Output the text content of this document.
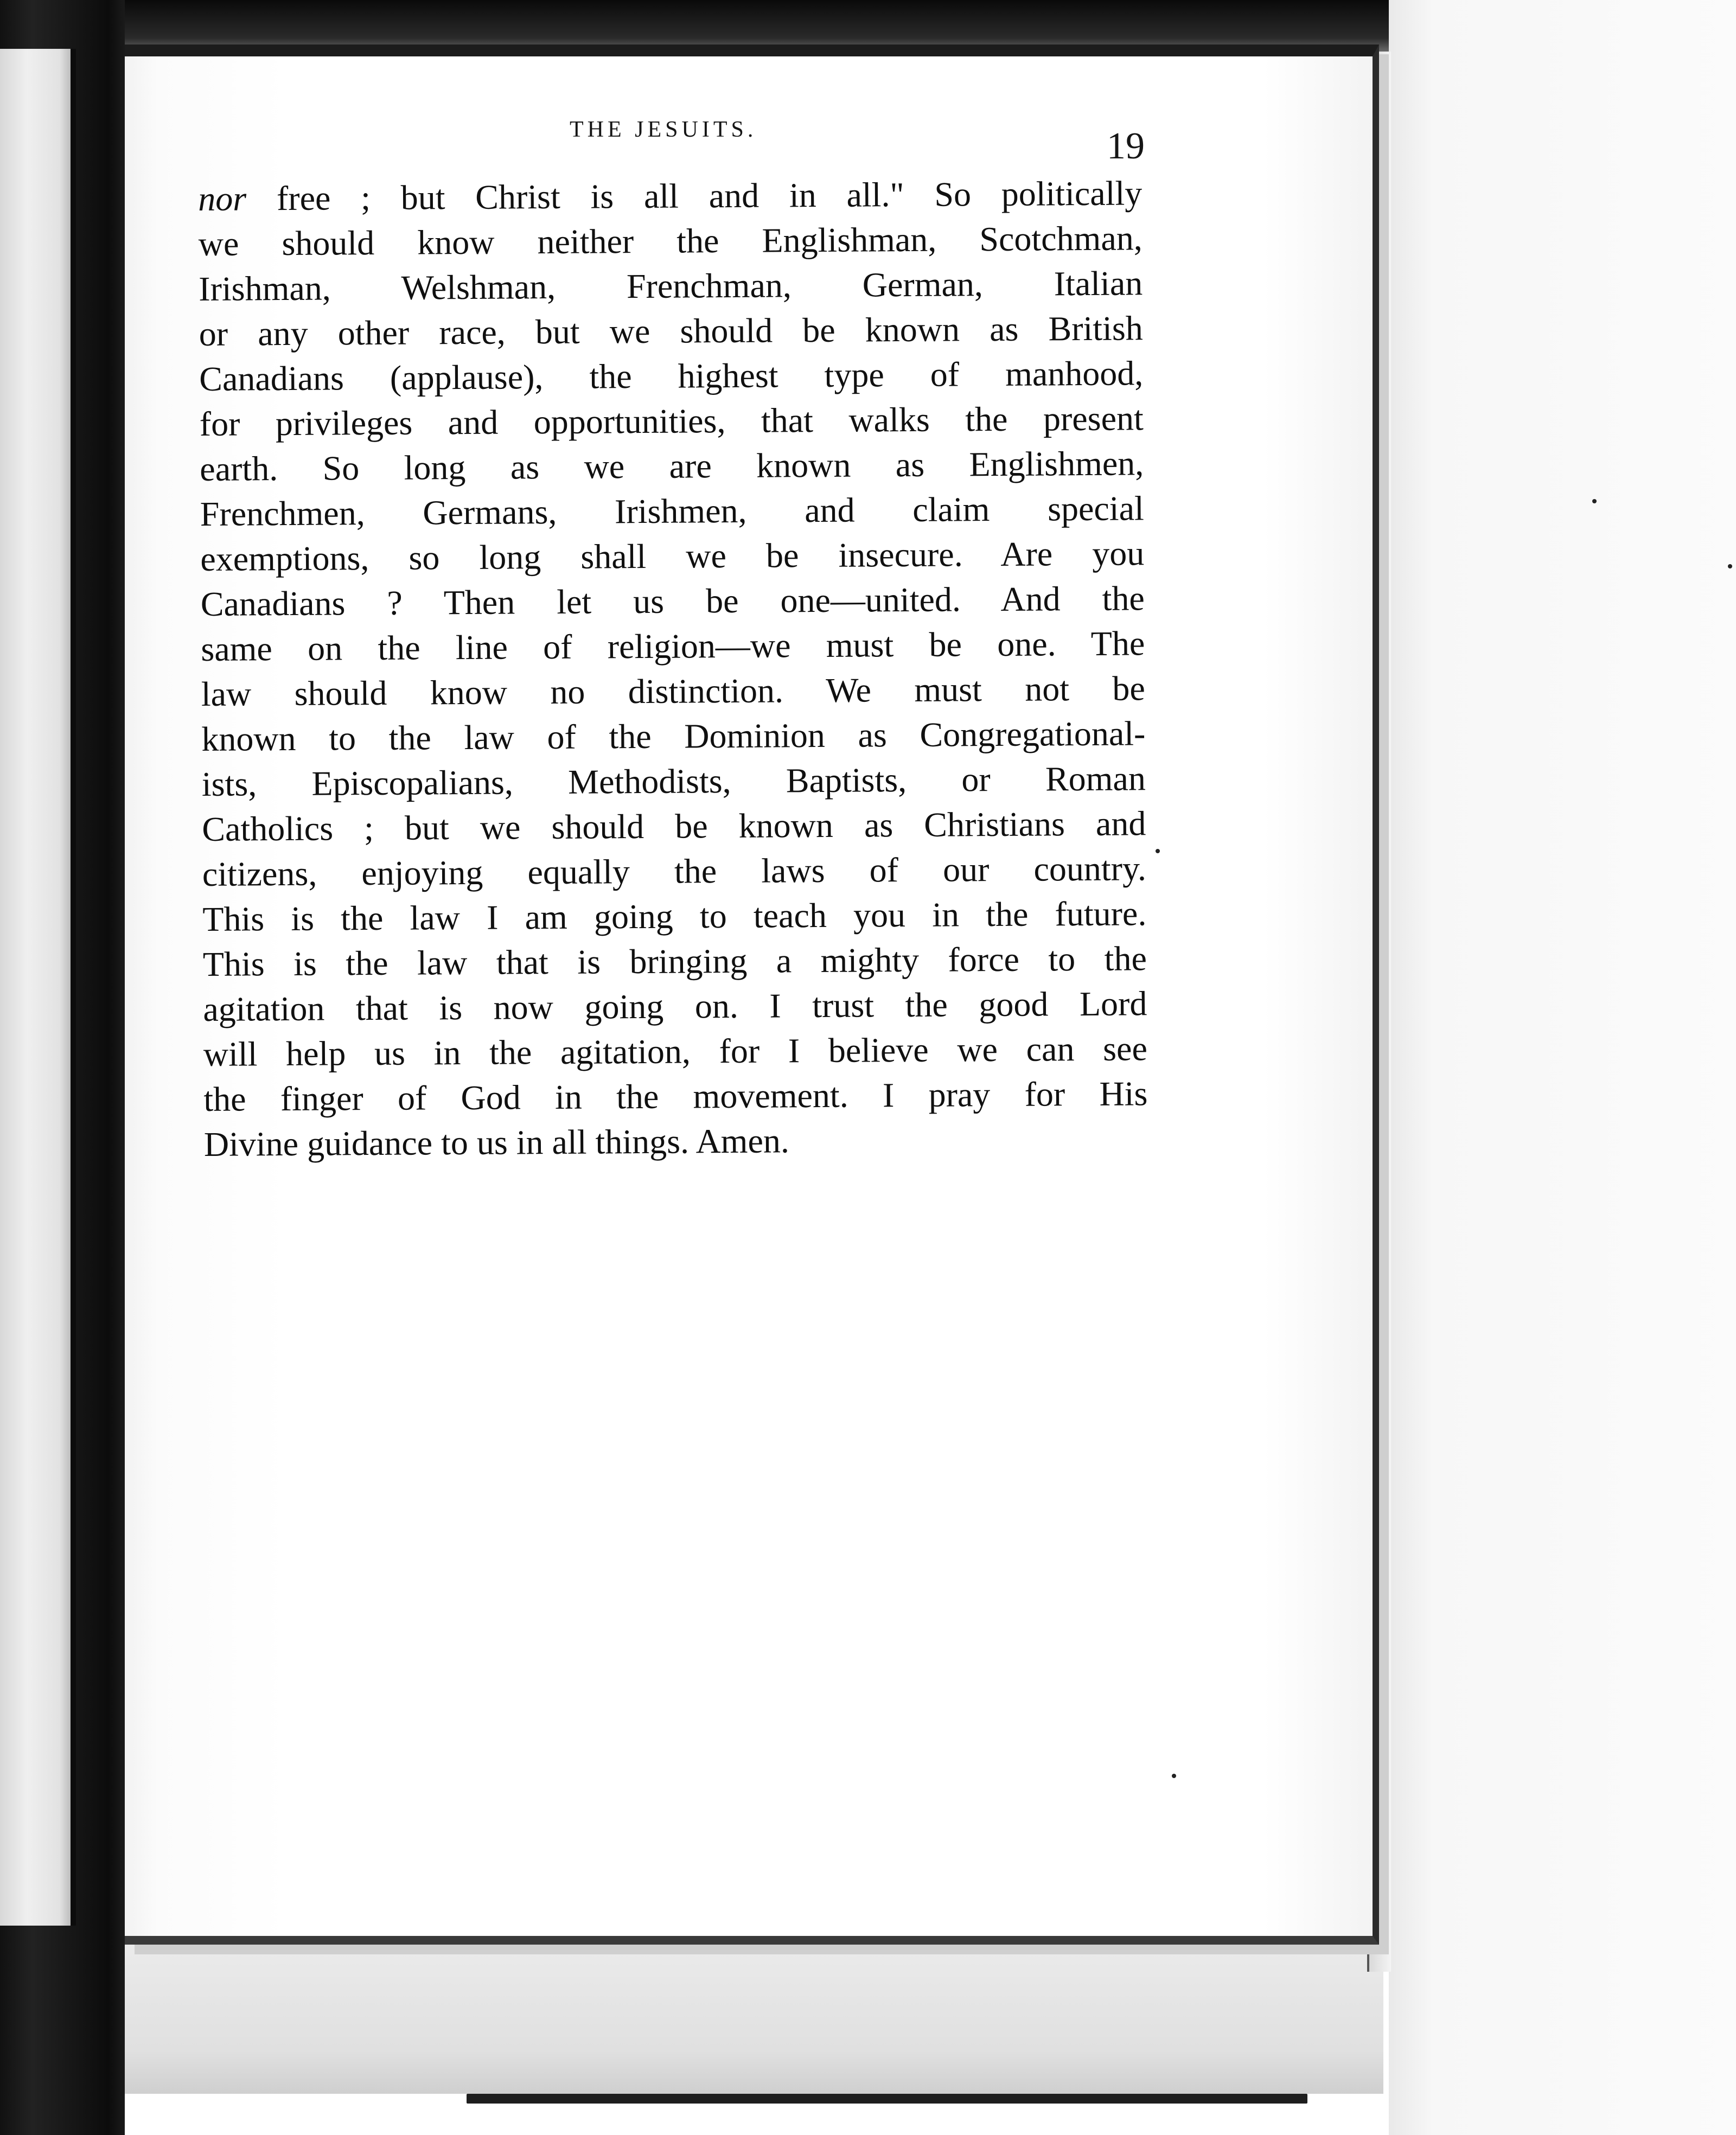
THE JESUITS.	19
nor free ; but Christ is all and in all." So politically
we should know neither the Englishman, Scotchman,
Irishman, Welshman, Frenchman, German, Italian
or any other race, but we should be known as British
Canadians (applause), the highest type of manhood,
for privileges and opportunities, that walks the present
earth. So long as we are known as Englishmen,
Frenchmen, Germans, Irishmen, and claim special
exemptions, so long shall we be insecure. Are you
Canadians ? Then let us be one—united. And the
same on the line of religion—we must be one. The
law should know no distinction. We must not be
known to the law of the Dominion as Congregational-
ists, Episcopalians, Methodists, Baptists, or Roman
Catholics ; but we should be known as Christians and
citizens, enjoying equally the laws of our country.
This is the law I am going to teach you in the future.
This is the law that is bringing a mighty force to the
agitation that is now going on. I trust the good Lord
will help us in the agitation, for I believe we can see
the finger of God in the movement. I pray for His
Divine guidance to us in all things. Amen.
